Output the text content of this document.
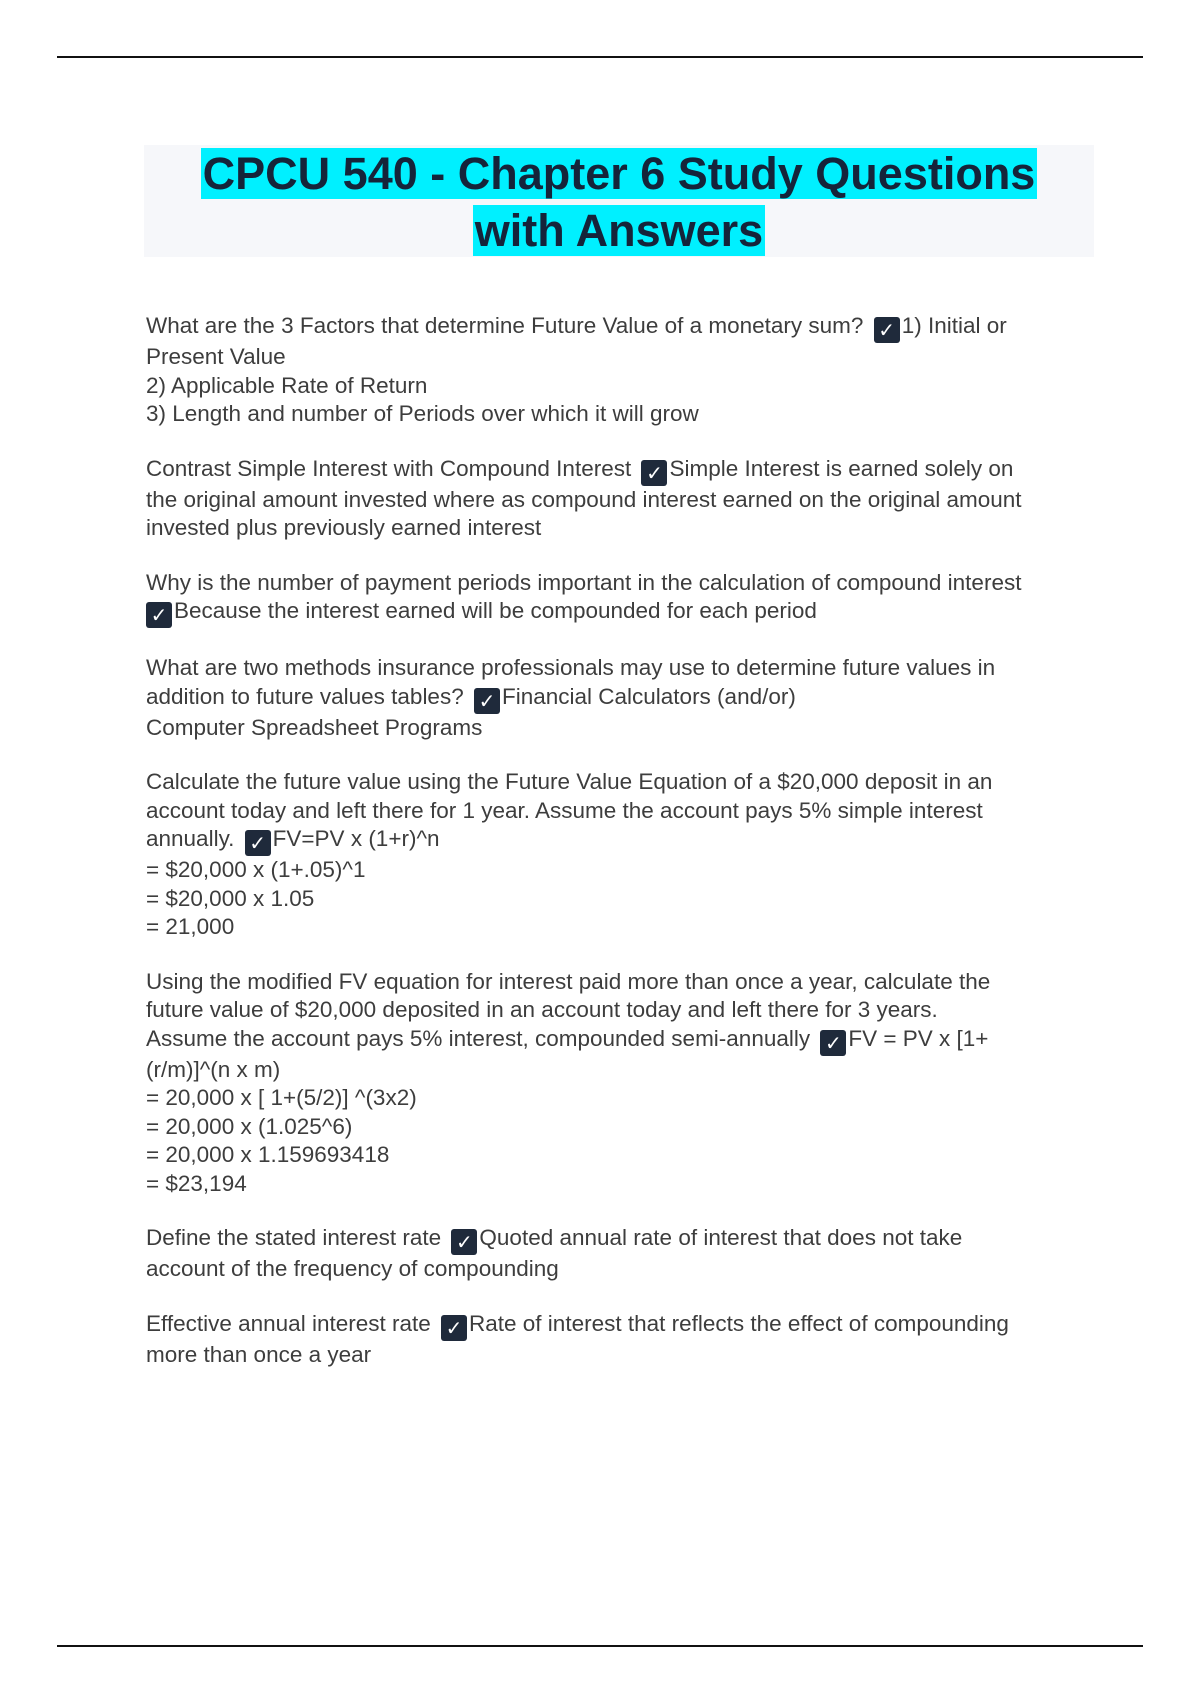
CPCU 540 - Chapter 6 Study Questions
with Answers
What are the 3 Factors that determine Future Value of a monetary sum? ✓ 1) Initial or
Present Value
2) Applicable Rate of Return
3) Length and number of Periods over which it will grow
Contrast Simple Interest with Compound Interest ✓ Simple Interest is earned solely on
the original amount invested where as compound interest earned on the original amount
invested plus previously earned interest
Why is the number of payment periods important in the calculation of compound interest
✓ Because the interest earned will be compounded for each period
What are two methods insurance professionals may use to determine future values in
addition to future values tables? ✓ Financial Calculators (and/or)
Computer Spreadsheet Programs
Calculate the future value using the Future Value Equation of a $20,000 deposit in an
account today and left there for 1 year. Assume the account pays 5% simple interest
annually. ✓ FV=PV x (1+r)^n
= $20,000 x (1+.05)^1
= $20,000 x 1.05
= 21,000
Using the modified FV equation for interest paid more than once a year, calculate the
future value of $20,000 deposited in an account today and left there for 3 years.
Assume the account pays 5% interest, compounded semi-annually ✓ FV = PV x [1+
(r/m)]^(n x m)
= 20,000 x [ 1+(5/2)] ^(3x2)
= 20,000 x (1.025^6)
= 20,000 x 1.159693418
= $23,194
Define the stated interest rate ✓ Quoted annual rate of interest that does not take
account of the frequency of compounding
Effective annual interest rate ✓ Rate of interest that reflects the effect of compounding
more than once a year
